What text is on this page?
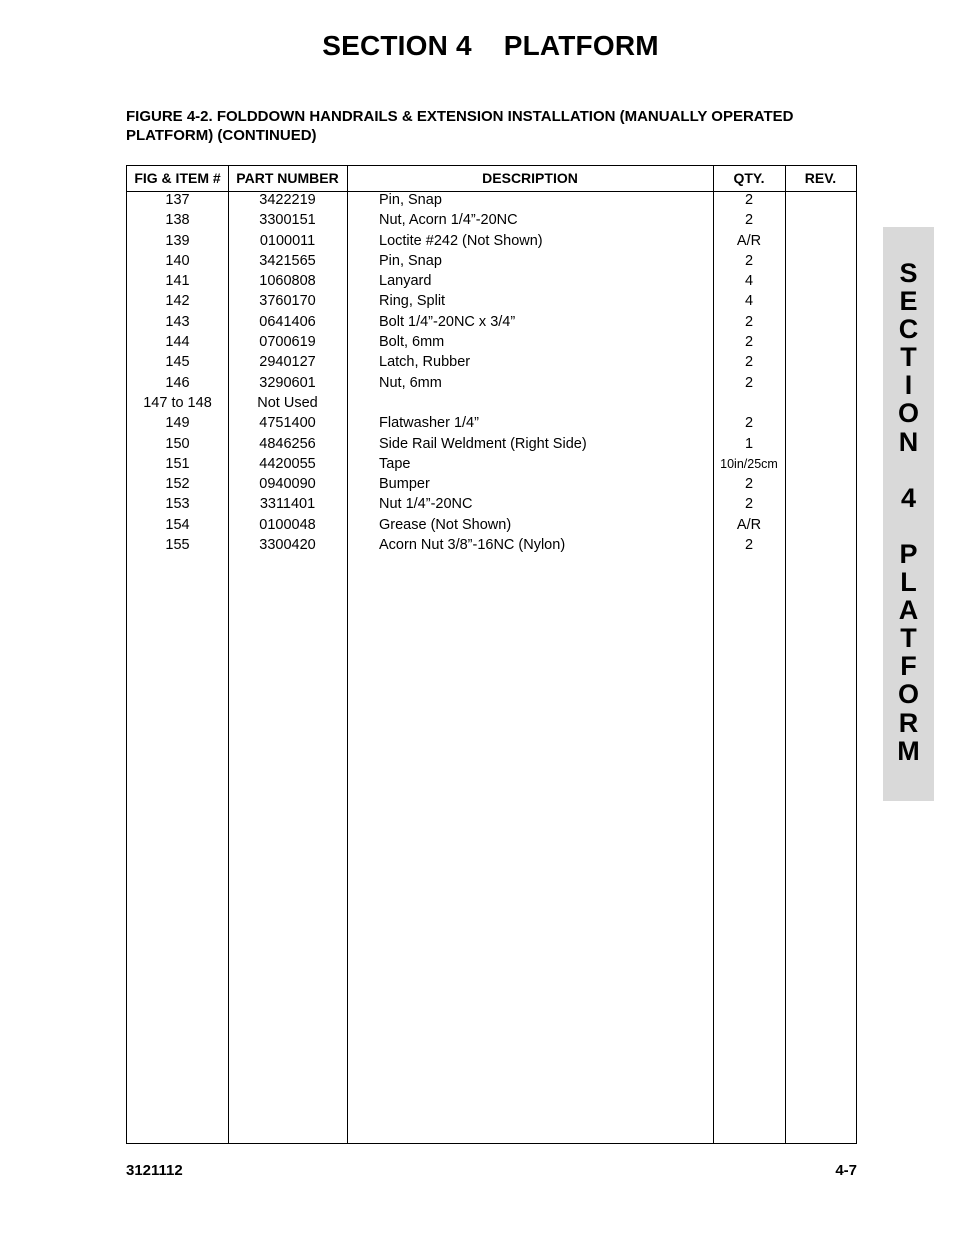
SECTION 4    PLATFORM
FIGURE 4-2. FOLDDOWN HANDRAILS & EXTENSION INSTALLATION (MANUALLY OPERATED PLATFORM) (CONTINUED)
FIG & ITEM #	PART NUMBER	DESCRIPTION	QTY.	REV.
137	3422219	Pin, Snap	2
138	3300151	Nut, Acorn 1/4”-20NC	2
139	0100011	Loctite #242 (Not Shown)	A/R
140	3421565	Pin, Snap	2
141	1060808	Lanyard	4
142	3760170	Ring, Split	4
143	0641406	Bolt 1/4”-20NC x 3/4”	2
144	0700619	Bolt, 6mm	2
145	2940127	Latch, Rubber	2
146	3290601	Nut, 6mm	2
147 to 148	Not Used
149	4751400	Flatwasher 1/4”	2
150	4846256	Side Rail Weldment (Right Side)	1
151	4420055	Tape	10in/25cm
152	0940090	Bumper	2
153	3311401	Nut 1/4”-20NC	2
154	0100048	Grease (Not Shown)	A/R
155	3300420	Acorn Nut 3/8”-16NC (Nylon)	2
S
E
C
T
I
O
N
4
P
L
A
T
F
O
R
M
3121112	4-7
